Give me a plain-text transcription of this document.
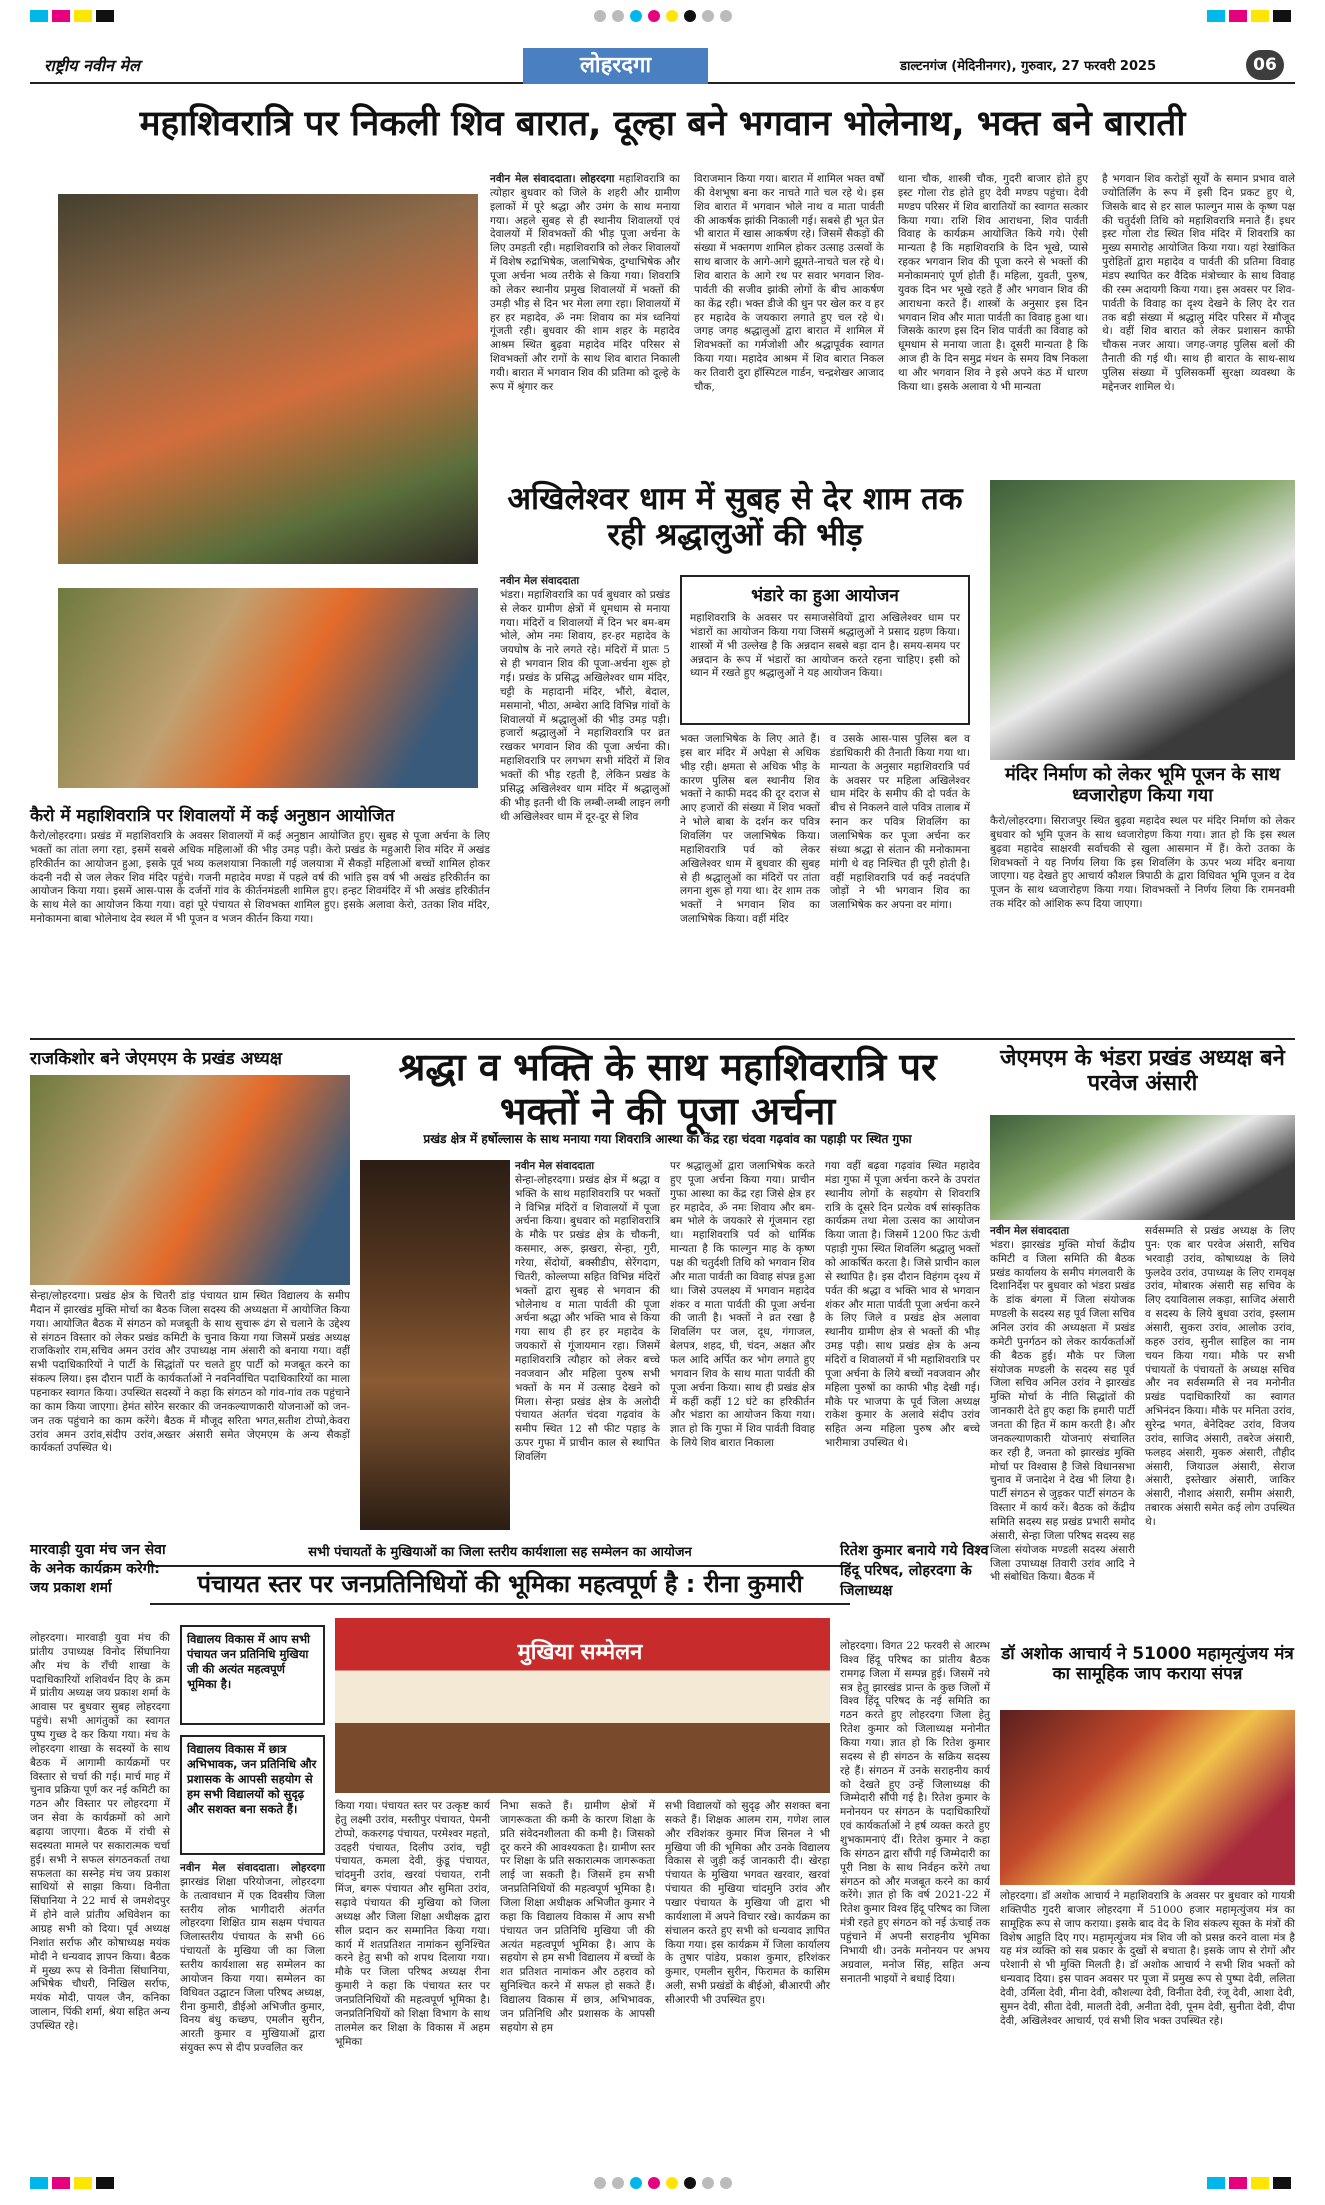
राष्ट्रीय नवीन मेल	लोहरदगा	डाल्टनगंज (मेदिनीनगर), गुरुवार, 27 फरवरी 2025	06
महाशिवरात्रि पर निकली शिव बारात, दूल्हा बने भगवान भोलेनाथ, भक्त बने बाराती
नवीन मेल संवाददाता। लोहरदगा महाशिवरात्रि का त्योहार बुधवार को जिले के शहरी और ग्रामीण इलाकों में पूरे श्रद्धा और उमंग के साथ मनाया गया। अहले सुबह से ही स्थानीय शिवालयों एवं देवालयों में शिवभक्तों की भीड़ पूजा अर्चना के लिए उमड़ती रही। महाशिवरात्रि को लेकर शिवालयों में विशेष रुद्राभिषेक, जलाभिषेक, दुग्धाभिषेक और पूजा अर्चना भव्य तरीके से किया गया। शिवरात्रि को लेकर स्थानीय प्रमुख शिवालयों में भक्तों की उमड़ी भीड़ से दिन भर मेला लगा रहा। शिवालयों में हर हर महादेव, ॐ नमः शिवाय का मंत्र ध्वनियां गूंजती रही। बुधवार की शाम शहर के महादेव आश्रम स्थित बुढ़वा महादेव मंदिर परिसर से शिवभक्तों और रागों के साथ शिव बारात निकाली गयी। बारात में भगवान शिव की प्रतिमा को दूल्हे के रूप में श्रृंगार कर
विराजमान किया गया। बारात में शामिल भक्त वर्षों की वेशभूषा बना कर नाचते गाते चल रहे थे। इस शिव बारात में भगवान भोले नाथ व माता पार्वती की आकर्षक झांकी निकाली गई। सबसे ही भूत प्रेत भी बारात में खास आकर्षण रहे। जिसमें सैकड़ों की संख्या में भक्तगण शामिल होकर उत्साह उत्सवों के साथ बाजार के आगे-आगे झूमते-नाचते चल रहे थे। शिव बारात के आगे रथ पर सवार भगवान शिव-पार्वती की सजीव झांकी लोगों के बीच आकर्षण का केंद्र रही। भक्त डीजे की धुन पर खेल कर व हर हर महादेव के जयकारा लगाते हुए चल रहे थे। जगह जगह श्रद्धालुओं द्वारा बारात में शामिल में शिवभक्तों का गर्मजोशी और श्रद्धापूर्वक स्वागत किया गया। महादेव आश्रम में शिव बारात निकल कर तिवारी दुरा हॉस्पिटल गार्डन, चन्द्रशेखर आजाद चौक,
थाना चौक, शास्त्री चौक, गुदरी बाजार होते हुए इस्ट गोला रोड होते हुए देवी मण्डप पहुंचा। देवी मण्डप परिसर में शिव बारातियों का स्वागत सत्कार किया गया। राशि शिव आराधना, शिव पार्वती विवाह के कार्यक्रम आयोजित किये गये। ऐसी मान्यता है कि महाशिवरात्रि के दिन भूखे, प्यासे रहकर भगवान शिव की पूजा करने से भक्तों की मनोकामनाएं पूर्ण होती हैं। महिला, युवती, पुरुष, युवक दिन भर भूखे रहते हैं और भगवान शिव की आराधना करते हैं। शास्त्रों के अनुसार इस दिन भगवान शिव और माता पार्वती का विवाह हुआ था। जिसके कारण इस दिन शिव पार्वती का विवाह को धूमधाम से मनाया जाता है। दूसरी मान्यता है कि आज ही के दिन समुद्र मंथन के समय विष निकला था और भगवान शिव ने इसे अपने कंठ में धारण किया था। इसके अलावा ये भी मान्यता
है भगवान शिव करोड़ों सूर्यों के समान प्रभाव वाले ज्योतिर्लिंग के रूप में इसी दिन प्रकट हुए थे, जिसके बाद से हर साल फाल्गुन मास के कृष्ण पक्ष की चतुर्दशी तिथि को महाशिवरात्रि मनाते हैं। इधर इस्ट गोला रोड स्थित शिव मंदिर में शिवरात्रि का मुख्य समारोह आयोजित किया गया। यहां रेखांकित पुरोहितों द्वारा महादेव व पार्वती की प्रतिमा विवाह मंडप स्थापित कर वैदिक मंत्रोच्चार के साथ विवाह की रस्म अदायगी किया गया। इस अवसर पर शिव-पार्वती के विवाह का दृश्य देखने के लिए देर रात तक बड़ी संख्या में श्रद्धालु मंदिर परिसर में मौजूद थे। वहीं शिव बारात को लेकर प्रशासन काफी चौकस नजर आया। जगह-जगह पुलिस बलों की तैनाती की गई थी। साथ ही बारात के साथ-साथ पुलिस संख्या में पुलिसकर्मी सुरक्षा व्यवस्था के मद्देनजर शामिल थे।
अखिलेश्वर धाम में सुबह से देर शाम तक रही श्रद्धालुओं की भीड़
नवीन मेल संवाददाता
भंडरा। महाशिवरात्रि का पर्व बुधवार को प्रखंड से लेकर ग्रामीण क्षेत्रों में धूमधाम से मनाया गया। मंदिरों व शिवालयों में दिन भर बम-बम भोले, ओम नमः शिवाय, हर-हर महादेव के जयघोष के नारे लगते रहे। मंदिरों में प्रातः 5 से ही भगवान शिव की पूजा-अर्चना शुरू हो गई। प्रखंड के प्रसिद्ध अखिलेश्वर धाम मंदिर, चट्टी के महादानी मंदिर, भौंरो, बेदाल, मसमानो, भीठा, अम्बेरा आदि विभिन्न गांवों के शिवालयों में श्रद्धालुओं की भीड़ उमड़ पड़ी। हजारों श्रद्धालुओं ने महाशिवरात्रि पर व्रत रखकर भगवान शिव की पूजा अर्चना की। महाशिवरात्रि पर लगभग सभी मंदिरों में शिव भक्तों की भीड़ रहती है, लेकिन प्रखंड के प्रसिद्ध अखिलेश्वर धाम मंदिर में श्रद्धालुओं की भीड़ इतनी थी कि लम्बी-लम्बी लाइन लगी थी अखिलेश्वर धाम में दूर-दूर से शिव
भंडारे का हुआ आयोजन
महाशिवरात्रि के अवसर पर समाजसेवियों द्वारा अखिलेश्वर धाम पर भंडारों का आयोजन किया गया जिसमें श्रद्धालुओं ने प्रसाद ग्रहण किया। शास्त्रों में भी उल्लेख है कि अन्नदान सबसे बड़ा दान है। समय-समय पर अन्नदान के रूप में भंडारों का आयोजन करते रहना चाहिए। इसी को ध्यान में रखते हुए श्रद्धालुओं ने यह आयोजन किया।
भक्त जलाभिषेक के लिए आते हैं। इस बार मंदिर में अपेक्षा से अधिक भीड़ रही। क्षमता से अधिक भीड़ के कारण पुलिस बल स्थानीय शिव भक्तों ने काफी मदद की दूर दराज से आए हजारों की संख्या में शिव भक्तों ने भोले बाबा के दर्शन कर पवित्र शिवलिंग पर जलाभिषेक किया। महाशिवरात्रि पर्व को लेकर अखिलेश्वर धाम में बुधवार की सुबह से ही श्रद्धालुओं का मंदिरों पर तांता लगना शुरू हो गया था। देर शाम तक भक्तों ने भगवान शिव का जलाभिषेक किया। वहीं मंदिर
व उसके आस-पास पुलिस बल व डंडाधिकारी की तैनाती किया गया था। मान्यता के अनुसार महाशिवरात्रि पर्व के अवसर पर महिला अखिलेश्वर धाम मंदिर के समीप की दो पर्वत के बीच से निकलने वाले पवित्र तालाब में स्नान कर पवित्र शिवलिंग का जलाभिषेक कर पूजा अर्चना कर संध्या श्रद्धा से संतान की मनोकामना मांगी थे वह निश्चित ही पूरी होती है। वहीं महाशिवरात्रि पर्व कई नवदंपति जोड़ों ने भी भगवान शिव का जलाभिषेक कर अपना वर मांगा।
मंदिर निर्माण को लेकर भूमि पूजन के साथ ध्वजारोहण किया गया
कैरो/लोहरदगा। सिराजपुर स्थित बुढ़वा महादेव स्थल पर मंदिर निर्माण को लेकर बुधवार को भूमि पूजन के साथ ध्वजारोहण किया गया। ज्ञात हो कि इस स्थल बुढ़वा महादेव साक्षरवी सर्वाचकी से खुला आसमान में हैं। केरो उतका के शिवभक्तों ने यह निर्णय लिया कि इस शिवलिंग के ऊपर भव्य मंदिर बनाया जाएगा। यह देखते हुए आचार्य कौशल त्रिपाठी के द्वारा विधिवत भूमि पूजन व देव पूजन के साथ ध्वजारोहण किया गया। शिवभक्तों ने निर्णय लिया कि रामनवमी तक मंदिर को आंशिक रूप दिया जाएगा।
कैरो में महाशिवरात्रि पर शिवालयों में कई अनुष्ठान आयोजित
कैरो/लोहरदगा। प्रखंड में महाशिवरात्रि के अवसर शिवालयों में कई अनुष्ठान आयोजित हुए। सुबह से पूजा अर्चना के लिए भक्तों का तांता लगा रहा, इसमें सबसे अधिक महिलाओं की भीड़ उमड़ पड़ी। केरो प्रखंड के महुआरी शिव मंदिर में अखंड हरिकीर्तन का आयोजन हुआ, इसके पूर्व भव्य कलशयात्रा निकाली गई जलयात्रा में सैकड़ों महिलाओं बच्चों शामिल होकर कंदनी नदी से जल लेकर शिव मंदिर पहुंचे। गजनी महादेव मण्डा में पहले वर्ष की भांति इस वर्ष भी अखंड हरिकीर्तन का आयोजन किया गया। इसमें आस-पास के दर्जनों गांव के कीर्तनमंडली शामिल हुए। हन्हट शिवमंदिर में भी अखंड हरिकीर्तन के साथ मेले का आयोजन किया गया। वहां पूरे पंचायत से शिवभक्त शामिल हुए। इसके अलावा केरो, उतका शिव मंदिर, मनोकामना बाबा भोलेनाथ देव स्थल में भी पूजन व भजन कीर्तन किया गया।
राजकिशोर बने जेएमएम के प्रखंड अध्यक्ष
सेन्हा/लोहरदगा। प्रखंड क्षेत्र के चितरी डांड़ पंचायत ग्राम स्थित विद्यालय के समीप मैदान में झारखंड मुक्ति मोर्चा का बैठक जिला सदस्य की अध्यक्षता में आयोजित किया गया। आयोजित बैठक में संगठन को मजबूती के साथ सुचारू ढंग से चलाने के उद्देश्य से संगठन विस्तार को लेकर प्रखंड कमिटी के चुनाव किया गया जिसमें प्रखंड अध्यक्ष राजकिशोर राम,सचिव अमन उरांव और उपाध्यक्ष नाम अंसारी को बनाया गया। वहीं सभी पदाधिकारियों ने पार्टी के सिद्धांतों पर चलते हुए पार्टी को मजबूत करने का संकल्प लिया। इस दौरान पार्टी के कार्यकर्ताओं ने नवनिर्वाचित पदाधिकारियों का माला पहनाकर स्वागत किया। उपस्थित सदस्यों ने कहा कि संगठन को गांव-गांव तक पहुंचाने का काम किया जाएगा। हेमंत सोरेन सरकार की जनकल्याणकारी योजनाओं को जन-जन तक पहुंचाने का काम करेंगे। बैठक में मौजूद सरिता भगत,सतीश टोप्पो,केवरा उरांव अमन उरांव,संदीप उरांव,अख्तर अंसारी समेत जेएमएम के अन्य सैकड़ों कार्यकर्ता उपस्थित थे।
श्रद्धा व भक्ति के साथ महाशिवरात्रि पर भक्तों ने की पूजा अर्चना
प्रखंड क्षेत्र में हर्षोल्लास के साथ मनाया गया शिवरात्रि आस्था का केंद्र रहा चंदवा गढ़वांव का पहाड़ी पर स्थित गुफा
नवीन मेल संवाददाता
सेन्हा-लोहरदगा। प्रखंड क्षेत्र में श्रद्धा व भक्ति के साथ महाशिवरात्रि पर भक्तों ने विभिन्न मंदिरों व शिवालयों में पूजा अर्चना किया। बुधवार को महाशिवरात्रि के मौके पर प्रखंड क्षेत्र के चौकनी, कसमार, अरू, झखरा, सेन्हा, गुरी, गरेया, सेंदोयों, बक्सीडीप, सेरेंगदाग, चितरी, कोल्लप्पा सहित विभिन्न मंदिरों भक्तों द्वारा सुबह से भगवान की भोलेनाथ व माता पार्वती की पूजा अर्चना श्रद्धा और भक्ति भाव से किया गया साथ ही हर हर महादेव के जयकारों से गूंजायमान रहा। जिसमें महाशिवरात्रि त्यौहार को लेकर बच्चे नवजवान और महिला पुरुष सभी भक्तों के मन में उत्साह देखने को मिला। सेन्हा प्रखंड क्षेत्र के अलोदी पंचायत अंतर्गत चंदवा गढ़वांव के समीप स्थित 12 सौ फीट पहाड़ के ऊपर गुफा में प्राचीन काल से स्थापित शिवलिंग
पर श्रद्धालुओं द्वारा जलाभिषेक करते हुए पूजा अर्चना किया गया। प्राचीन गुफा आस्था का केंद्र रहा जिसे क्षेत्र हर हर महादेव, ॐ नमः शिवाय और बम-बम भोले के जयकारे से गूंजमान रहा था। महाशिवरात्रि पर्व को धार्मिक मान्यता है कि फाल्गुन माह के कृष्ण पक्ष की चतुर्दशी तिथि को भगवान शिव और माता पार्वती का विवाह संपन्न हुआ था। जिसे उपलक्ष्य में भगवान महादेव शंकर व माता पार्वती की पूजा अर्चना की जाती है। भक्तों ने व्रत रखा है शिवलिंग पर जल, दूध, गंगाजल, बेलपत्र, शहद, घी, चंदन, अक्षत और फल आदि अर्पित कर भोग लगाते हुए भगवान शिव के साथ माता पार्वती की पूजा अर्चना किया। साथ ही प्रखंड क्षेत्र में कहीं कहीं 12 घंटे का हरिकीर्तन और भंडारा का आयोजन किया गया। ज्ञात हो कि गुफा में शिव पार्वती विवाह के लिये शिव बारात निकाला
गया वहीं बढ़वा गढ़वांव स्थित महादेव मंडा गुफा में पूजा अर्चना करने के उपरांत स्थानीय लोगों के सहयोग से शिवरात्रि रात्रि के दूसरे दिन प्रत्येक वर्ष सांस्कृतिक कार्यक्रम तथा मेला उत्सव का आयोजन किया जाता है। जिसमें 1200 फिट ऊंची पहाड़ी गुफा स्थित शिवलिंग श्रद्धालु भक्तों को आकर्षित करता है। जिसे प्राचीन काल से स्थापित है। इस दौरान विहंगम दृश्य में पर्वत की श्रद्धा व भक्ति भाव से भगवान शंकर और माता पार्वती पूजा अर्चना करने के लिए जिले व प्रखंड क्षेत्र अलावा स्थानीय ग्रामीण क्षेत्र से भक्तों की भीड़ उमड़ पड़ी। साथ प्रखंड क्षेत्र के अन्य मंदिरों व शिवालयों में भी महाशिवरात्रि पर पूजा अर्चना के लिये बच्चों नवजवान और महिला पुरुषों का काफी भीड़ देखी गई। मौके पर भाजपा के पूर्व जिला अध्यक्ष राकेश कुमार के अलावे संदीप उरांव सहित अन्य महिला पुरुष और बच्चे भारीमात्रा उपस्थित थे।
जेएमएम के भंडरा प्रखंड अध्यक्ष बने परवेज अंसारी
नवीन मेल संवाददाता
भंडरा। झारखंड मुक्ति मोर्चा केंद्रीय कमिटी व जिला समिति की बैठक प्रखंड कार्यालय के समीप मंगलवारी के दिशानिर्देश पर बुधवार को भंडरा प्रखंड के डांक बंगला में जिला संयोजक मण्डली के सदस्य सह पूर्व जिला सचिव अनिल उरांव की अध्यक्षता में प्रखंड कमेटी पुनर्गठन को लेकर कार्यकर्ताओं की बैठक हुई। मौके पर जिला संयोजक मण्डली के सदस्य सह पूर्व जिला सचिव अनिल उरांव ने झारखंड मुक्ति मोर्चा के नीति सिद्धांतों की जानकारी देते हुए कहा कि हमारी पार्टी जनता की हित में काम करती है। और जनकल्याणकारी योजनाएं संचालित कर रही है, जनता को झारखंड मुक्ति मोर्चा पर विश्वास है जिसे विधानसभा चुनाव में जनादेश ने देख भी लिया है। पार्टी संगठन से जुड़कर पार्टी संगठन के विस्तार में कार्य करें। बैठक को केंद्रीय समिति सदस्य सह प्रखंड प्रभारी समोद अंसारी, सेन्हा जिला परिषद सदस्य सह जिला संयोजक मण्डली सदस्य अंसारी जिला उपाध्यक्ष तिवारी उरांव आदि ने भी संबोधित किया। बैठक में
सर्वसम्मति से प्रखंड अध्यक्ष के लिए पुन: एक बार परवेज अंसारी, सचिव भरवाड़ी उरांव, कोषाध्यक्ष के लिये फुलदेव उरांव, उपाध्यक्ष के लिए रामवृक्ष उरांव, मोबारक अंसारी सह सचिव के लिए दयाविलास लकड़ा, साजिद अंसारी व सदस्य के लिये बुधवा उरांव, इस्लाम अंसारी, सुकरा उरांव, आलोक उरांव, कहरु उरांव, सुनील साहिल का नाम चयन किया गया। मौके पर सभी पंचायतों के पंचायतों के अध्यक्ष सचिव और नव सर्वसम्मति से नव मनोनीत प्रखंड पदाधिकारियों का स्वागत अभिनंदन किया। मौके पर मनिता उरांव, सुरेन्द्र भगत, बेनेदिक्ट उरांव, विजय उरांव, साजिद अंसारी, तबरेज अंसारी, फलहद अंसारी, मुकरु अंसारी, तौहीद अंसारी, जियाउल अंसारी, सेराज अंसारी, इस्तेखार अंसारी, जाकिर अंसारी, नौशाद अंसारी, समीम अंसारी, तबारक अंसारी समेत कई लोग उपस्थित थे।
सभी पंचायतों के मुखियाओं का जिला स्तरीय कार्यशाला सह सम्मेलन का आयोजन
पंचायत स्तर पर जनप्रतिनिधियों की भूमिका महत्वपूर्ण है : रीना कुमारी
मारवाड़ी युवा मंच जन सेवा के अनेक कार्यक्रम करेगी: जय प्रकाश शर्मा
लोहरदगा। मारवाड़ी युवा मंच की प्रांतीय उपाध्यक्ष विनोद सिंघानिया और मंच के राँची शाखा के पदाधिकारियों शशिवर्धन दिए के क्रम में प्रांतीय अध्यक्ष जय प्रकाश शर्मा के आवास पर बुधवार सुबह लोहरदगा पहुंचे। सभी आगंतुकों का स्वागत पुष्प गुच्छ दे कर किया गया। मंच के लोहरदगा शाखा के सदस्यों के साथ बैठक में आगामी कार्यक्रमों पर विस्तार से चर्चा की गई। मार्च माह में चुनाव प्रक्रिया पूर्ण कर नई कमिटी का गठन और विस्तार पर लोहरदगा में जन सेवा के कार्यक्रमों को आगे बढ़ाया जाएगा। बैठक में रांची से सदस्यता मामले पर सकारात्मक चर्चा हुई। सभी ने सफल संगठनकर्ता तथा सफलता का सस्नेह मंच जय प्रकाश साथियों से साझा किया। विनीता सिंघानिया ने 22 मार्च से जमशेदपुर में होने वाले प्रांतीय अधिवेशन का आग्रह सभी को दिया। पूर्व अध्यक्ष निशांत सर्राफ और कोषाध्यक्ष मयंक मोदी ने धन्यवाद ज्ञापन किया। बैठक में मुख्य रूप से विनीता सिंघानिया, अभिषेक चौधरी, निखिल सर्राफ, मयंक मोदी, पायल जैन, कनिका जालान, पिंकी शर्मा, श्रेया सहित अन्य उपस्थित रहे।
विद्यालय विकास में आप सभी पंचायत जन प्रतिनिधि मुखिया जी की अत्यंत महत्वपूर्ण भूमिका है।
विद्यालय विकास में छात्र अभिभावक, जन प्रतिनिधि और प्रशासक के आपसी सहयोग से हम सभी विद्यालयों को सुदृढ़ और सशक्त बना सकते हैं।
नवीन मेल संवाददाता। लोहरदगा झारखंड शिक्षा परियोजना, लोहरदगा के तत्वावधान में एक दिवसीय जिला स्तरीय लोक भागीदारी अंतर्गत लोहरदगा शिक्षित ग्राम सक्षम पंचायत जिलास्तरीय पंचायत के सभी 66 पंचायतों के मुखिया जी का जिला स्तरीय कार्यशाला सह सम्मेलन का आयोजन किया गया। सम्मेलन का विधिवत उद्घाटन जिला परिषद अध्यक्ष, रीना कुमारी, डीईओ अभिजीत कुमार, विनय बंधु कच्छप, एमलीन सुरीन, आरती कुमार व मुखियाओं द्वारा संयुक्त रूप से दीप प्रज्वलित कर
मुखिया सम्मेलन
किया गया। पंचायत स्तर पर उत्कृष्ट कार्य हेतु लक्ष्मी उरांव, मस्तीपुर पंचायत, पेमनी टोप्पो, ककरगढ़ पंचायत, परमेश्वर महतो, उदहरी पंचायत, दिलीप उरांव, चट्टी पंचायत, कमला देवी, कुंडू पंचायत, चांदमुनी उरांव, खरवां पंचायत, रानी मिंज, बगरू पंचायत और सुमिता उरांव, सढ़ावे पंचायत की मुखिया को जिला अध्यक्ष और जिला शिक्षा अधीक्षक द्वारा सील प्रदान कर सम्मानित किया गया। कार्य में शतप्रतिशत नामांकन सुनिश्चित करने हेतु सभी को शपथ दिलाया गया। मौके पर जिला परिषद अध्यक्ष रीना कुमारी ने कहा कि पंचायत स्तर पर जनप्रतिनिधियों की महत्वपूर्ण भूमिका है। जनप्रतिनिधियों को शिक्षा विभाग के साथ तालमेल कर शिक्षा के विकास में अहम भूमिका
निभा सकते हैं। ग्रामीण क्षेत्रों में जागरूकता की कमी के कारण शिक्षा के प्रति संवेदनशीलता की कमी है। जिसको दूर करने की आवश्यकता है। ग्रामीण स्तर पर शिक्षा के प्रति सकारात्मक जागरूकता लाई जा सकती है। जिसमें हम सभी जनप्रतिनिधियों की महत्वपूर्ण भूमिका है। जिला शिक्षा अधीक्षक अभिजीत कुमार ने कहा कि विद्यालय विकास में आप सभी पंचायत जन प्रतिनिधि मुखिया जी की अत्यंत महत्वपूर्ण भूमिका है। आप के सहयोग से हम सभी विद्यालय में बच्चों के शत प्रतिशत नामांकन और ठहराव को सुनिश्चित करने में सफल हो सकते हैं। विद्यालय विकास में छात्र, अभिभावक, जन प्रतिनिधि और प्रशासक के आपसी सहयोग से हम
सभी विद्यालयों को सुदृढ़ और सशक्त बना सकते हैं। शिक्षक आलम राम, गणेश लाल और रविशंकर कुमार मिंज सिनल ने भी मुखिया जी की भूमिका और उनके विद्यालय विकास से जुड़ी कई जानकारी दी। खेरहा पंचायत के मुखिया भगवत खरवार, खरवां पंचायत की मुखिया चांदमुनि उरांव और पखार पंचायत के मुखिया जी द्वारा भी कार्यशाला में अपने विचार रखे। कार्यक्रम का संचालन करते हुए सभी को धन्यवाद ज्ञापित किया गया। इस कार्यक्रम में जिला कार्यालय के तुषार पांडेय, प्रकाश कुमार, हरिशंकर कुमार, एमलीन सुरीन, फिरामत के कासिम अली, सभी प्रखंडों के बीईओ, बीआरपी और सीआरपी भी उपस्थित हुए।
रितेश कुमार बनाये गये विश्व हिंदू परिषद, लोहरदगा के जिलाध्यक्ष
लोहरदगा। विगत 22 फरवरी से आरम्भ विश्व हिंदू परिषद का प्रांतीय बैठक रामगढ़ जिला में सम्पन्न हुई। जिसमें नये सत्र हेतु झारखंड प्रान्त के कुछ जिलों में विश्व हिंदू परिषद के नई समिति का गठन करते हुए लोहरदगा जिला हेतु रितेश कुमार को जिलाध्यक्ष मनोनीत किया गया। ज्ञात हो कि रितेश कुमार सदस्य से ही संगठन के सक्रिय सदस्य रहे हैं। संगठन में उनके सराहनीय कार्य को देखते हुए उन्हें जिलाध्यक्ष की जिम्मेदारी सौंपी गई है। रितेश कुमार के मनोनयन पर संगठन के पदाधिकारियों एवं कार्यकर्ताओं ने हर्ष व्यक्त करते हुए शुभकामनाएं दीं। रितेश कुमार ने कहा कि संगठन द्वारा सौंपी गई जिम्मेदारी का पूरी निष्ठा के साथ निर्वहन करेंगे तथा संगठन को और मजबूत करने का कार्य करेंगे। ज्ञात हो कि वर्ष 2021-22 में रितेश कुमार विश्व हिंदू परिषद का जिला मंत्री रहते हुए संगठन को नई ऊंचाई तक पहुंचाने में अपनी सराहनीय भूमिका निभायी थी। उनके मनोनयन पर अभय अग्रवाल, मनोज सिंह, सहित अन्य सनातनी भाइयों ने बधाई दिया।
डॉ अशोक आचार्य ने 51000 महामृत्युंजय मंत्र का सामूहिक जाप कराया संपन्न
लोहरदगा। डॉ अशोक आचार्य ने महाशिवरात्रि के अवसर पर बुधवार को गायत्री शक्तिपीठ गुदरी बाजार लोहरदगा में 51000 हजार महामृत्युंजय मंत्र का सामूहिक रूप से जाप कराया। इसके बाद वेद के शिव संकल्प सूक्त के मंत्रों की विशेष आहुति दिए गए। महामृत्युंजय मंत्र शिव जी को प्रसन्न करने वाला मंत्र है यह मंत्र व्यक्ति को सब प्रकार के दुखों से बचाता है। इसके जाप से रोगों और परेशानी से भी मुक्ति मिलती है। डॉ अशोक आचार्य ने सभी शिव भक्तों को धन्यवाद दिया। इस पावन अवसर पर पूजा में प्रमुख रूप से पुष्पा देवी, ललिता देवी, उर्मिला देवी, मीना देवी, कौशल्या देवी, विनीता देवी, रंजू देवी, आशा देवी, सुमन देवी, सीता देवी, मालती देवी, अनीता देवी, पूनम देवी, सुनीता देवी, दीपा देवी, अखिलेश्वर आचार्य, एवं सभी शिव भक्त उपस्थित रहे।
